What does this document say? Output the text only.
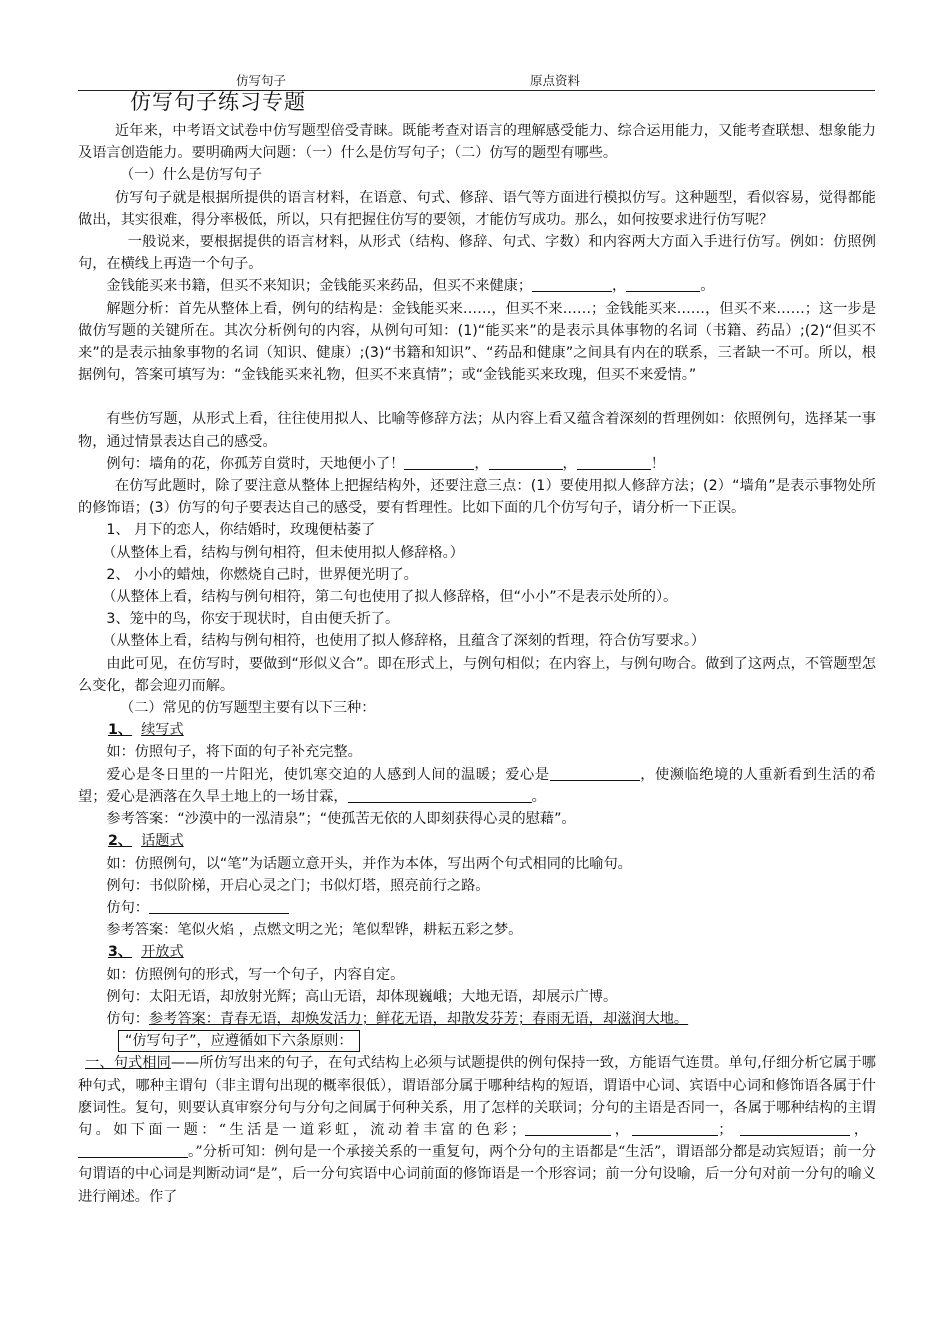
仿写句子	原点资料
仿写句子练习专题

近年来，中考语文试卷中仿写题型倍受青睐。既能考查对语言的理解感受能力、综合运用能力，又能考查联想、想象能力及语言创造能力。要明确两大问题：（一）什么是仿写句子；（二）仿写的题型有哪些。

（一）什么是仿写句子

仿写句子就是根据所提供的语言材料，在语意、句式、修辞、语气等方面进行模拟仿写。这种题型，看似容易，觉得都能做出，其实很难，得分率极低，所以，只有把握住仿写的要领，才能仿写成功。那么，如何按要求进行仿写呢？

一般说来，要根据提供的语言材料，从形式（结构、修辞、句式、字数）和内容两大方面入手进行仿写。例如：仿照例句，在横线上再造一个句子。

金钱能买来书籍，但买不来知识；金钱能买来药品，但买不来健康；	，	。

解题分析：首先从整体上看，例句的结构是：金钱能买来……，但买不来……；金钱能买来……，但买不来……；这一步是做仿写题的关键所在。其次分析例句的内容，从例句可知：(1)“能买来”的是表示具体事物的名词（书籍、药品）;(2)“但买不来”的是表示抽象事物的名词（知识、健康）;(3)“书籍和知识”、“药品和健康”之间具有内在的联系，三者缺一不可。所以，根据例句，答案可填写为：“金钱能买来礼物，但买不来真情”；或“金钱能买来玫瑰，但买不来爱情。”

有些仿写题，从形式上看，往往使用拟人、比喻等修辞方法；从内容上看又蕴含着深刻的哲理例如：依照例句，选择某一事物，通过情景表达自己的感受。

例句：墙角的花，你孤芳自赏时，天地便小了！	，	，	！

在仿写此题时，除了要注意从整体上把握结构外，还要注意三点：(1）要使用拟人修辞方法；(2）“墙角”是表示事物处所的修饰语；(3）仿写的句子要表达自己的感受，要有哲理性。比如下面的几个仿写句子，请分析一下正误。

1、 月下的恋人，你结婚时，玫瑰便枯萎了

（从整体上看，结构与例句相符，但未使用拟人修辞格。）

2、 小小的蜡烛，你燃烧自己时，世界便光明了。

（从整体上看，结构与例句相符，第二句也使用了拟人修辞格，但“小小”不是表示处所的）。

3、笼中的鸟，你安于现状时，自由便夭折了。

（从整体上看，结构与例句相符，也使用了拟人修辞格，且蕴含了深刻的哲理，符合仿写要求。）

由此可见，在仿写时，要做到“形似义合”。即在形式上，与例句相似；在内容上，与例句吻合。做到了这两点，不管题型怎么变化，都会迎刃而解。

（二）常见的仿写题型主要有以下三种：

1、 续写式

如：仿照句子，将下面的句子补充完整。

爱心是冬日里的一片阳光，使饥寒交迫的人感到人间的温暖；爱心是	，使濒临绝境的人重新看到生活的希望；爱心是洒落在久旱土地上的一场甘霖，	。

参考答案：“沙漠中的一泓清泉”；“使孤苦无依的人即刻获得心灵的慰藉”。

2、 话题式

如：仿照例句，以“笔”为话题立意开头，并作为本体，写出两个句式相同的比喻句。

例句：书似阶梯，开启心灵之门；书似灯塔，照亮前行之路。

仿句：

参考答案：笔似火焰 ，点燃文明之光；笔似犁铧，耕耘五彩之梦。

3、 开放式

如：仿照例句的形式，写一个句子，内容自定。

例句：太阳无语，却放射光辉；高山无语，却体现巍峨；大地无语，却展示广博。

仿句：参考答案：青春无语，却焕发活力；鲜花无语，却散发芬芳；春雨无语，却滋润大地。

“仿写句子”，应遵循如下六条原则：

一、句式相同——所仿写出来的句子，在句式结构上必须与试题提供的例句保持一致，方能语气连贯。单句,仔细分析它属于哪种句式，哪种主谓句（非主谓句出现的概率很低），谓语部分属于哪种结构的短语，谓语中心词、宾语中心词和修饰语各属于什麽词性。复句，则要认真审察分句与分句之间属于何种关系，用了怎样的关联词；分句的主语是否同一，各属于哪种结构的主谓句。如下面一题：“生活是一道彩虹，流动着丰富的色彩；	，	；	， 。”分析可知：例句是一个承接关系的一重复句，两个分句的主语都是“生活”，谓语部分都是动宾短语；前一分句谓语的中心词是判断动词“是”，后一分句宾语中心词前面的修饰语是一个形容词；前一分句设喻，后一分句对前一分句的喻义进行阐述。作了
